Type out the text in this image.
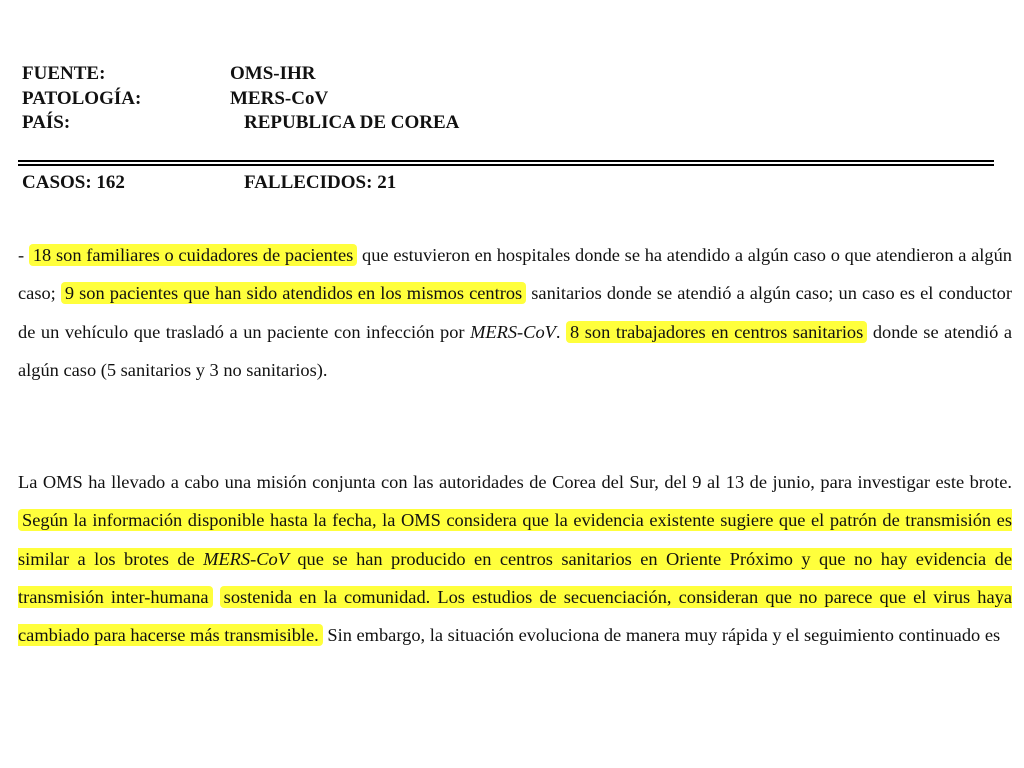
FUENTE:	OMS-IHR
PATOLOGÍA:	MERS-CoV
PAÍS:	REPUBLICA DE COREA
CASOS: 162	FALLECIDOS: 21
- 18 son familiares o cuidadores de pacientes que estuvieron en hospitales donde se ha atendido a algún caso o que atendieron a algún caso; 9 son pacientes que han sido atendidos en los mismos centros sanitarios donde se atendió a algún caso; un caso es el conductor de un vehículo que trasladó a un paciente con infección por MERS-CoV. 8 son trabajadores en centros sanitarios donde se atendió a algún caso (5 sanitarios y 3 no sanitarios).
La OMS ha llevado a cabo una misión conjunta con las autoridades de Corea del Sur, del 9 al 13 de junio, para investigar este brote. Según la información disponible hasta la fecha, la OMS considera que la evidencia existente sugiere que el patrón de transmisión es similar a los brotes de MERS-CoV que se han producido en centros sanitarios en Oriente Próximo y que no hay evidencia de transmisión inter-humana sostenida en la comunidad. Los estudios de secuenciación, consideran que no parece que el virus haya cambiado para hacerse más transmisible. Sin embargo, la situación evoluciona de manera muy rápida y el seguimiento continuado es
